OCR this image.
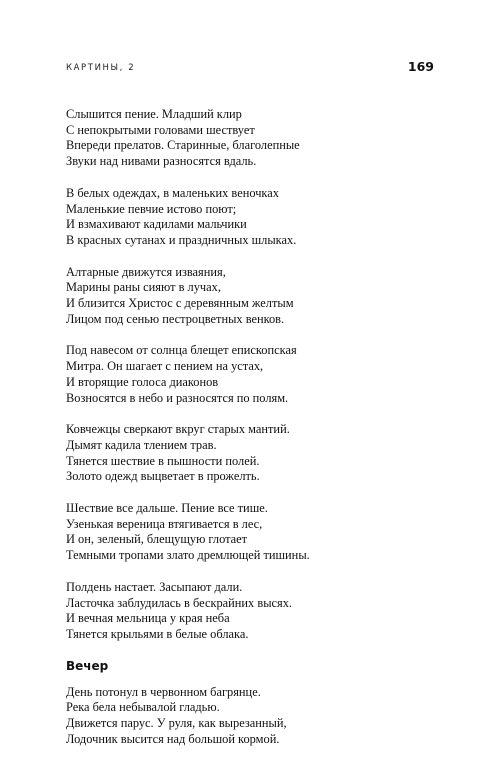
КАРТИНЫ, 2	169
Слышится пение. Младший клир
С непокрытыми головами шествует
Впереди прелатов. Старинные, благолепные
Звуки над нивами разносятся вдаль.
В белых одеждах, в маленьких веночках
Маленькие певчие истово поют;
И взмахивают кадилами мальчики
В красных сутанах и праздничных шлыках.
Алтарные движутся изваяния,
Марины раны сияют в лучах,
И близится Христос с деревянным желтым
Лицом под сенью пестроцветных венков.
Под навесом от солнца блещет епископская
Митра. Он шагает с пением на устах,
И вторящие голоса диаконов
Возносятся в небо и разносятся по полям.
Ковчежцы сверкают вкруг старых мантий.
Дымят кадила тлением трав.
Тянется шествие в пышности полей.
Золото одежд выцветает в прожелть.
Шествие все дальше. Пение все тише.
Узенькая вереница втягивается в лес,
И он, зеленый, блещущую глотает
Темными тропами злато дремлющей тишины.
Полдень настает. Засыпают дали.
Ласточка заблудилась в бескрайних высях.
И вечная мельница у края неба
Тянется крыльями в белые облака.
Вечер
День потонул в червонном багрянце.
Река бела небывалой гладью.
Движется парус. У руля, как вырезанный,
Лодочник высится над большой кормой.
